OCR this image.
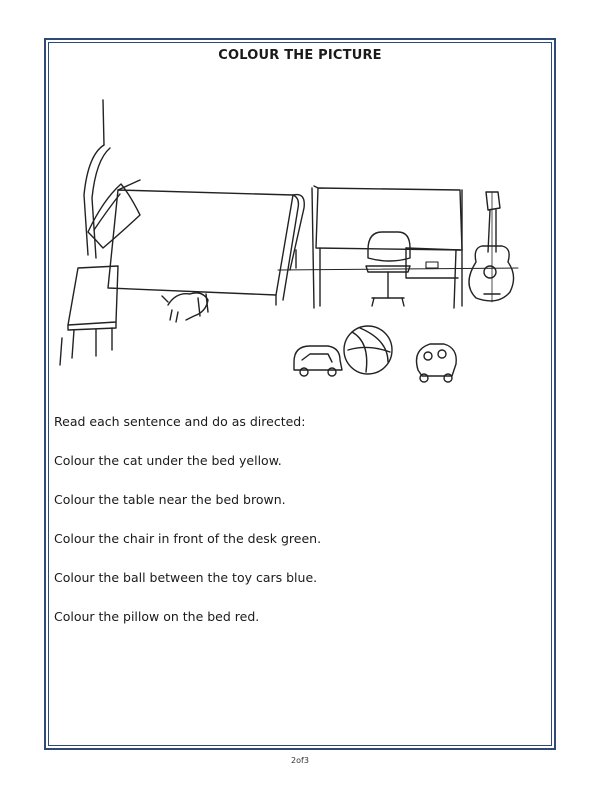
COLOUR THE PICTURE
Read each sentence and do as directed:
Colour the cat under the bed yellow.
Colour the table near the bed brown.
Colour the chair in front of the desk green.
Colour the ball between the toy cars blue.
Colour the pillow on the bed red.
2of3
